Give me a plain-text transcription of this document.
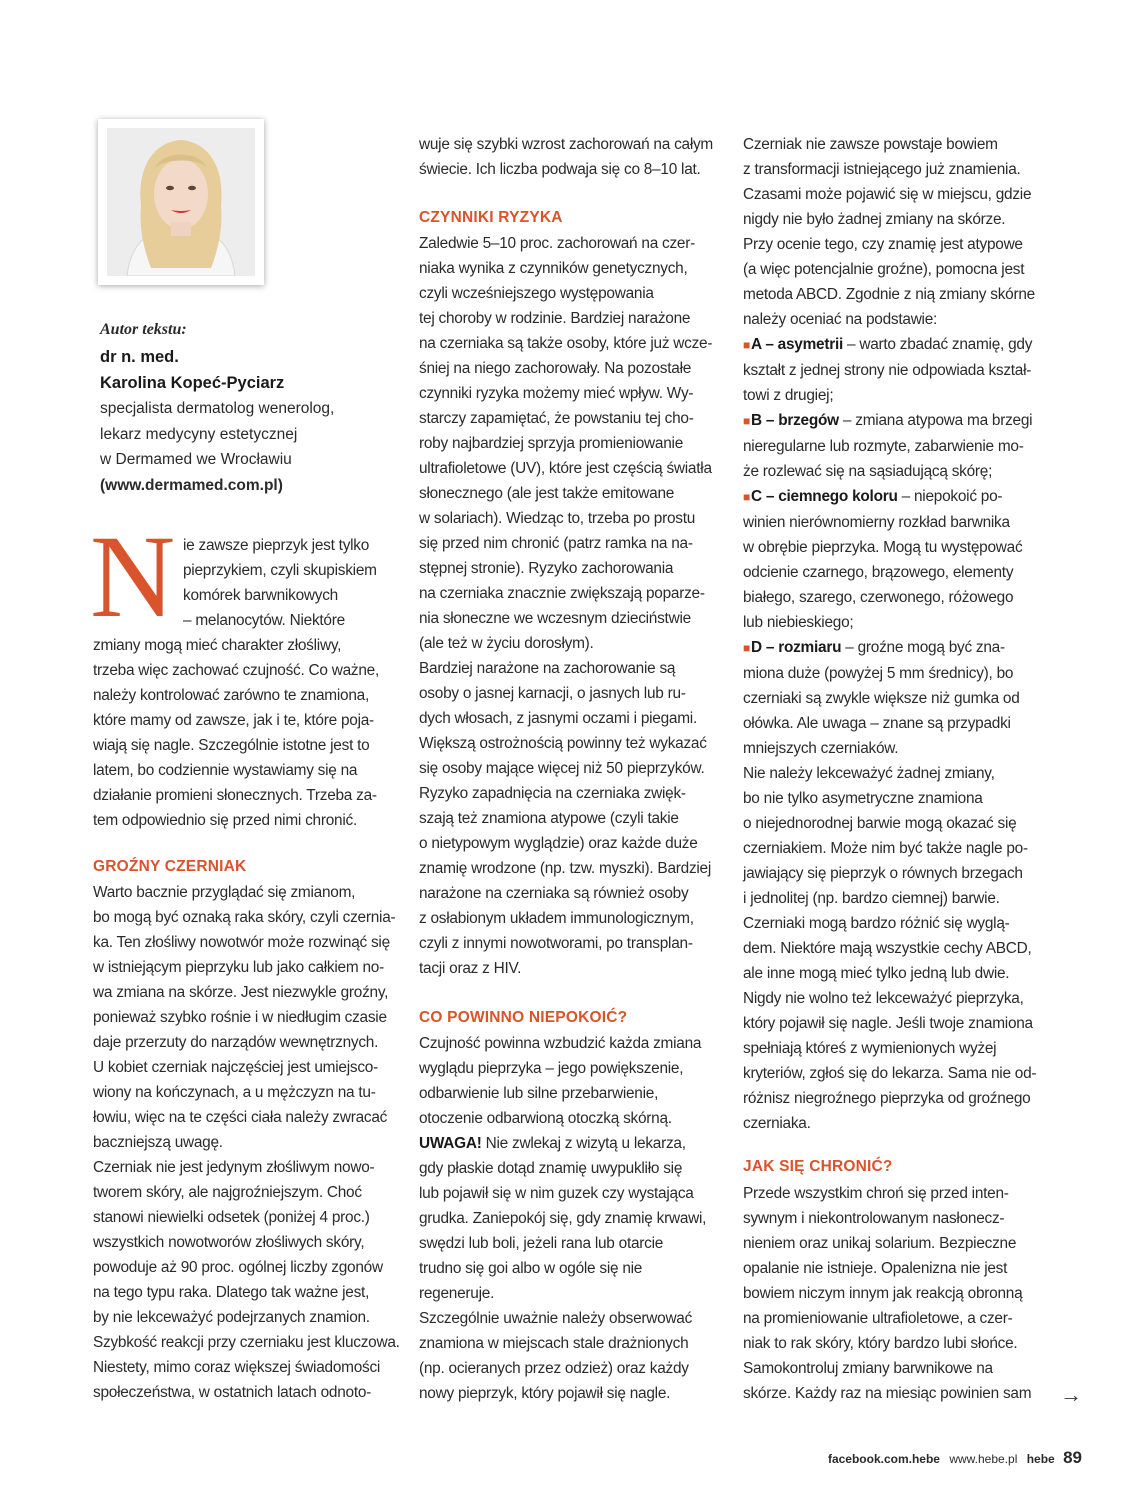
Autor tekstu:

dr n. med.
Karolina Kopeć-Pyciarz

specjalista dermatolog wenerolog,
lekarz medycyny estetycznej
w Dermamed we Wrocławiu
(www.dermamed.com.pl)

N ie zawsze pieprzyk jest tylko
pieprzykiem, czyli skupiskiem
komórek barwnikowych
– melanocytów. Niektóre

zmiany mogą mieć charakter złośliwy,
trzeba więc zachować czujność. Co ważne,
należy kontrolować zarówno te znamiona,
które mamy od zawsze, jak i te, które poja-
wiają się nagle. Szczególnie istotne jest to
latem, bo codziennie wystawiamy się na
działanie promieni słonecznych. Trzeba za-
tem odpowiednio się przed nimi chronić.

GROŹNY CZERNIAK

Warto bacznie przyglądać się zmianom,
bo mogą być oznaką raka skóry, czyli czernia-
ka. Ten złośliwy nowotwór może rozwinąć się
w istniejącym pieprzyku lub jako całkiem no-
wa zmiana na skórze. Jest niezwykle groźny,
ponieważ szybko rośnie i w niedługim czasie
daje przerzuty do narządów wewnętrznych.
U kobiet czerniak najczęściej jest umiejsco-
wiony na kończynach, a u mężczyzn na tu-
łowiu, więc na te części ciała należy zwracać
baczniejszą uwagę.
Czerniak nie jest jedynym złośliwym nowo-
tworem skóry, ale najgroźniejszym. Choć
stanowi niewielki odsetek (poniżej 4 proc.)
wszystkich nowotworów złośliwych skóry,
powoduje aż 90 proc. ogólnej liczby zgonów
na tego typu raka. Dlatego tak ważne jest,
by nie lekceważyć podejrzanych znamion.
Szybkość reakcji przy czerniaku jest kluczowa.
Niestety, mimo coraz większej świadomości
społeczeństwa, w ostatnich latach odnoto-

wuje się szybki wzrost zachorowań na całym
świecie. Ich liczba podwaja się co 8–10 lat.

CZYNNIKI RYZYKA

Zaledwie 5–10 proc. zachorowań na czer-
niaka wynika z czynników genetycznych,
czyli wcześniejszego występowania
tej choroby w rodzinie. Bardziej narażone
na czerniaka są także osoby, które już wcze-
śniej na niego zachorowały. Na pozostałe
czynniki ryzyka możemy mieć wpływ. Wy-
starczy zapamiętać, że powstaniu tej cho-
roby najbardziej sprzyja promieniowanie
ultrafioletowe (UV), które jest częścią światła
słonecznego (ale jest także emitowane
w solariach). Wiedząc to, trzeba po prostu
się przed nim chronić (patrz ramka na na-
stępnej stronie). Ryzyko zachorowania
na czerniaka znacznie zwiększają poparze-
nia słoneczne we wczesnym dzieciństwie
(ale też w życiu dorosłym).
Bardziej narażone na zachorowanie są
osoby o jasnej karnacji, o jasnych lub ru-
dych włosach, z jasnymi oczami i piegami.
Większą ostrożnością powinny też wykazać
się osoby mające więcej niż 50 pieprzyków.
Ryzyko zapadnięcia na czerniaka zwięk-
szają też znamiona atypowe (czyli takie
o nietypowym wyglądzie) oraz każde duże
znamię wrodzone (np. tzw. myszki). Bardziej
narażone na czerniaka są również osoby
z osłabionym układem immunologicznym,
czyli z innymi nowotworami, po transplan-
tacji oraz z HIV.

CO POWINNO NIEPOKOIĆ?

Czujność powinna wzbudzić każda zmiana
wyglądu pieprzyka – jego powiększenie,
odbarwienie lub silne przebarwienie,
otoczenie odbarwioną otoczką skórną.
UWAGA! Nie zwlekaj z wizytą u lekarza,
gdy płaskie dotąd znamię uwypukliło się
lub pojawił się w nim guzek czy wystająca
grudka. Zaniepokój się, gdy znamię krwawi,
swędzi lub boli, jeżeli rana lub otarcie
trudno się goi albo w ogóle się nie
regeneruje.
Szczególnie uważnie należy obserwować
znamiona w miejscach stale drażnionych
(np. ocieranych przez odzież) oraz każdy
nowy pieprzyk, który pojawił się nagle.

Czerniak nie zawsze powstaje bowiem
z transformacji istniejącego już znamienia.
Czasami może pojawić się w miejscu, gdzie
nigdy nie było żadnej zmiany na skórze.
Przy ocenie tego, czy znamię jest atypowe
(a więc potencjalnie groźne), pomocna jest
metoda ABCD. Zgodnie z nią zmiany skórne
należy oceniać na podstawie:
■A – asymetrii – warto zbadać znamię, gdy
kształt z jednej strony nie odpowiada kształ-
towi z drugiej;
■B – brzegów – zmiana atypowa ma brzegi
nieregularne lub rozmyte, zabarwienie mo-
że rozlewać się na sąsiadującą skórę;
■C – ciemnego koloru – niepokoić po-
winien nierównomierny rozkład barwnika
w obrębie pieprzyka. Mogą tu występować
odcienie czarnego, brązowego, elementy
białego, szarego, czerwonego, różowego
lub niebieskiego;
■D – rozmiaru – groźne mogą być zna-
miona duże (powyżej 5 mm średnicy), bo
czerniaki są zwykle większe niż gumka od
ołówka. Ale uwaga – znane są przypadki
mniejszych czerniaków.
Nie należy lekceważyć żadnej zmiany,
bo nie tylko asymetryczne znamiona
o niejednorodnej barwie mogą okazać się
czerniakiem. Może nim być także nagle po-
jawiający się pieprzyk o równych brzegach
i jednolitej (np. bardzo ciemnej) barwie.
Czerniaki mogą bardzo różnić się wyglą-
dem. Niektóre mają wszystkie cechy ABCD,
ale inne mogą mieć tylko jedną lub dwie.
Nigdy nie wolno też lekceważyć pieprzyka,
który pojawił się nagle. Jeśli twoje znamiona
spełniają któreś z wymienionych wyżej
kryteriów, zgłoś się do lekarza. Sama nie od-
różnisz niegroźnego pieprzyka od groźnego
czerniaka.

JAK SIĘ CHRONIĆ?

Przede wszystkim chroń się przed inten-
sywnym i niekontrolowanym nasłonecz-
nieniem oraz unikaj solarium. Bezpieczne
opalanie nie istnieje. Opalenizna nie jest
bowiem niczym innym jak reakcją obronną
na promieniowanie ultrafioletowe, a czer-
niak to rak skóry, który bardzo lubi słońce.
Samokontroluj zmiany barwnikowe na
skórze. Każdy raz na miesiąc powinien sam →
facebook.com.hebe www.hebe.pl hebe 89
